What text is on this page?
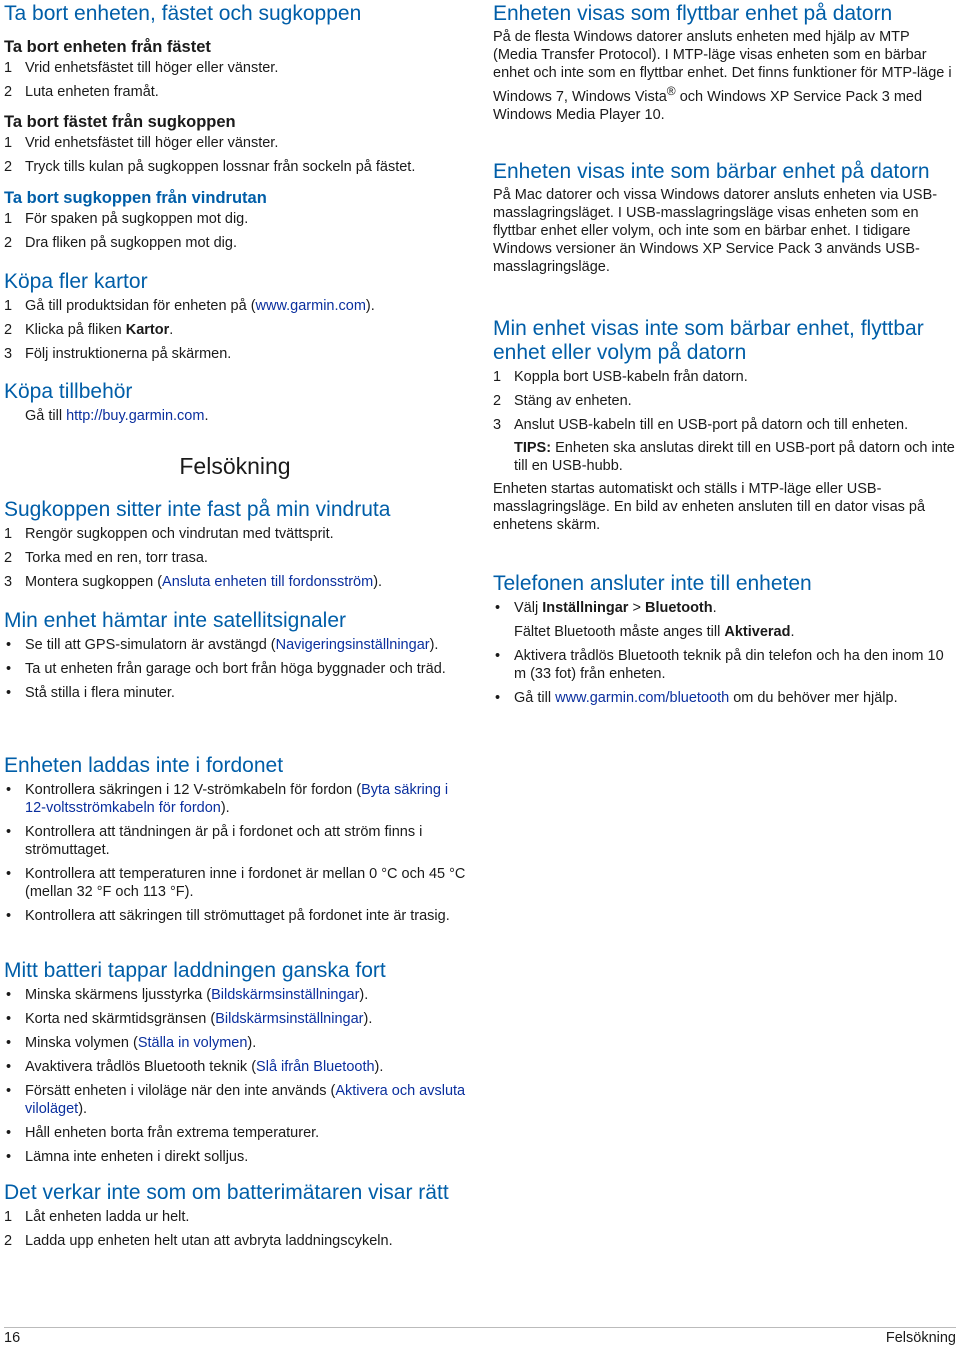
Ta bort enheten, fästet och sugkoppen
Ta bort enheten från fästet
1 Vrid enhetsfästet till höger eller vänster.
2 Luta enheten framåt.
Ta bort fästet från sugkoppen
1 Vrid enhetsfästet till höger eller vänster.
2 Tryck tills kulan på sugkoppen lossnar från sockeln på fästet.
Ta bort sugkoppen från vindrutan
1 För spaken på sugkoppen mot dig.
2 Dra fliken på sugkoppen mot dig.
Köpa fler kartor
1 Gå till produktsidan för enheten på (www.garmin.com).
2 Klicka på fliken Kartor.
3 Följ instruktionerna på skärmen.
Köpa tillbehör
Gå till http://buy.garmin.com.
Felsökning
Sugkoppen sitter inte fast på min vindruta
1 Rengör sugkoppen och vindrutan med tvättsprit.
2 Torka med en ren, torr trasa.
3 Montera sugkoppen (Ansluta enheten till fordonsström).
Min enhet hämtar inte satellitsignaler
• Se till att GPS-simulatorn är avstängd (Navigeringsinställningar).
• Ta ut enheten från garage och bort från höga byggnader och träd.
• Stå stilla i flera minuter.
Enheten laddas inte i fordonet
• Kontrollera säkringen i 12 V-strömkabeln för fordon (Byta säkring i 12-voltsströmkabeln för fordon).
• Kontrollera att tändningen är på i fordonet och att ström finns i strömuttaget.
• Kontrollera att temperaturen inne i fordonet är mellan 0 °C och 45 °C (mellan 32 °F och 113 °F).
• Kontrollera att säkringen till strömuttaget på fordonet inte är trasig.
Mitt batteri tappar laddningen ganska fort
• Minska skärmens ljusstyrka (Bildskärmsinställningar).
• Korta ned skärmtidsgränsen (Bildskärmsinställningar).
• Minska volymen (Ställa in volymen).
• Avaktivera trådlös Bluetooth teknik (Slå ifrån Bluetooth).
• Försätt enheten i viloläge när den inte används (Aktivera och avsluta viloläget).
• Håll enheten borta från extrema temperaturer.
• Lämna inte enheten i direkt solljus.
Det verkar inte som om batterimätaren visar rätt
1 Låt enheten ladda ur helt.
2 Ladda upp enheten helt utan att avbryta laddningscykeln.
Enheten visas som flyttbar enhet på datorn
På de flesta Windows datorer ansluts enheten med hjälp av MTP (Media Transfer Protocol). I MTP-läge visas enheten som en bärbar enhet och inte som en flyttbar enhet. Det finns funktioner för MTP-läge i Windows 7, Windows Vista® och Windows XP Service Pack 3 med Windows Media Player 10.
Enheten visas inte som bärbar enhet på datorn
På Mac datorer och vissa Windows datorer ansluts enheten via USB-masslagringsläget. I USB-masslagringsläge visas enheten som en flyttbar enhet eller volym, och inte som en bärbar enhet. I tidigare Windows versioner än Windows XP Service Pack 3 används USB-masslagringsläge.
Min enhet visas inte som bärbar enhet, flyttbar enhet eller volym på datorn
1 Koppla bort USB-kabeln från datorn.
2 Stäng av enheten.
3 Anslut USB-kabeln till en USB-port på datorn och till enheten.
TIPS: Enheten ska anslutas direkt till en USB-port på datorn och inte till en USB-hubb.
Enheten startas automatiskt och ställs i MTP-läge eller USB-masslagringsläge. En bild av enheten ansluten till en dator visas på enhetens skärm.
Telefonen ansluter inte till enheten
• Välj Inställningar > Bluetooth.
Fältet Bluetooth måste anges till Aktiverad.
• Aktivera trådlös Bluetooth teknik på din telefon och ha den inom 10 m (33 fot) från enheten.
• Gå till www.garmin.com/bluetooth om du behöver mer hjälp.
16	Felsökning
